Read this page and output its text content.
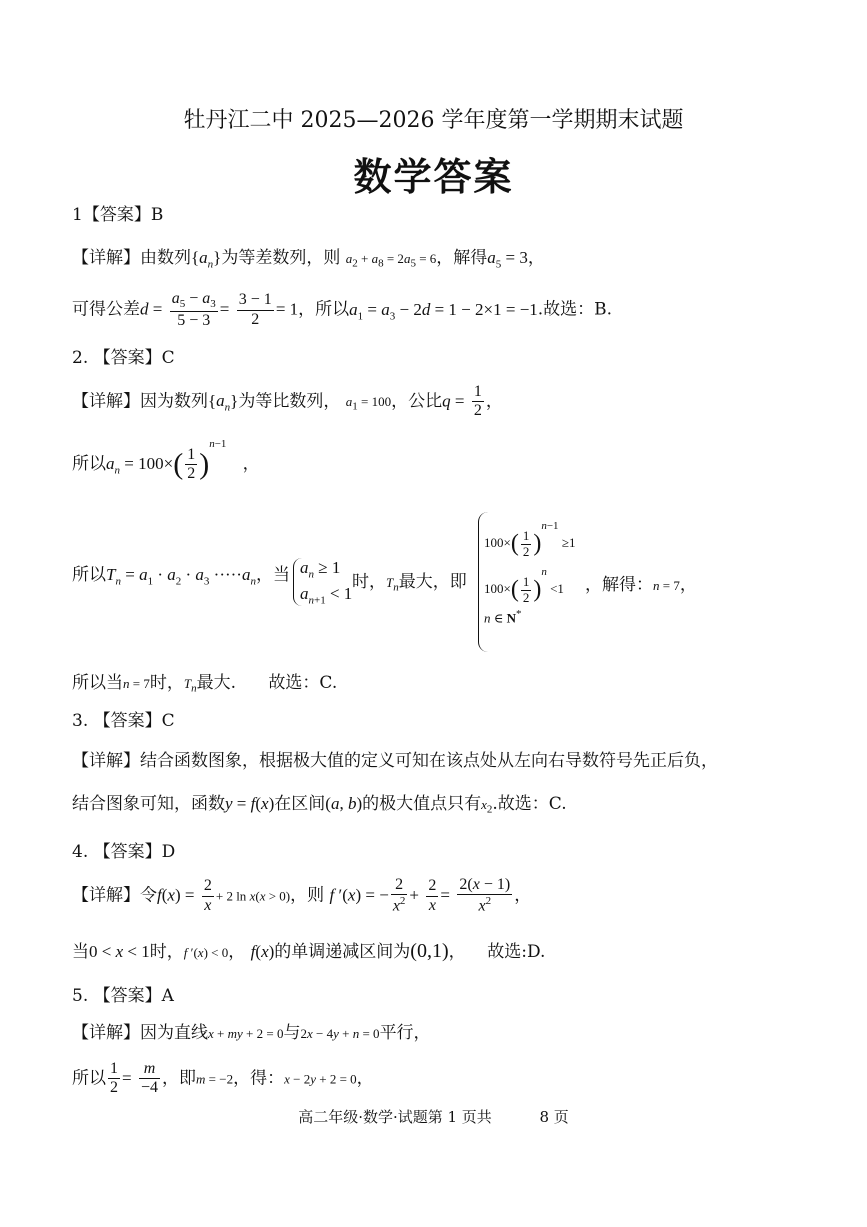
牡丹江二中 2025—2026 学年度第一学期期末试题
数学答案
1【答案】B
【详解】由数列$\{a_n\}$为等差数列，则 $a_2 + a_8 = 2a_5 = 6$，解得$a_5 = 3$，
可得公差$d = \frac{a_5 - a_3}{5 - 3} = \frac{3 - 1}{2} = 1$，所以$a_1 = a_3 - 2d = 1 - 2\times 1 = -1$.故选：B.
2. 【答案】C
【详解】因为数列$\{a_n\}$为等比数列， $a_1 = 100$，公比$q = \frac{1}{2}$ ，
所以$a_n = 100\times( \frac{1}{2} )^{n-1}$   ，
所以$T_n = a_1 \cdot a_2 \cdot a_3 \cdot\cdot\cdot\cdot\cdot a_n$，当 $a_n \ge 1$
$a_{n+1} < 1$
时，$T_n$最大，即
$100\times( \frac{1}{2} )^{n-1} \ge 1$
$100\times( \frac{1}{2} )^n <1$
n ∈ N*
，解得：n = 7，
所以当n = 7时，$T_n$最大. 故选：C.
3. 【答案】C
【详解】结合函数图象，根据极大值的定义可知在该点处从左向右导数符号先正后负，
结合图象可知，函数y = f(x)在区间(a, b)的极大值点只有$x_2$.故选：C.
4. 【答案】D
【详解】令$f(x) = \frac{2}{x} + 2$ ln x(x > 0)，则 f ′(x) = − $\frac{2}{x^2} + \frac{2}{x} = \frac{2(x - 1)}{x^2}$ ，
当0 < x < 1时，f ′(x) < 0， f(x)的单调递减区间为(0,1)，    故选:D.
5. 【答案】A
【详解】因为直线x + my + 2 = 0与2x − 4y + n = 0平行，
所以 $\frac{1}{2} = \frac{m}{-4}$ ，即m = −2，得：x − 2y + 2 = 0，
高二年级·数学·试题第 1 页共	8 页
